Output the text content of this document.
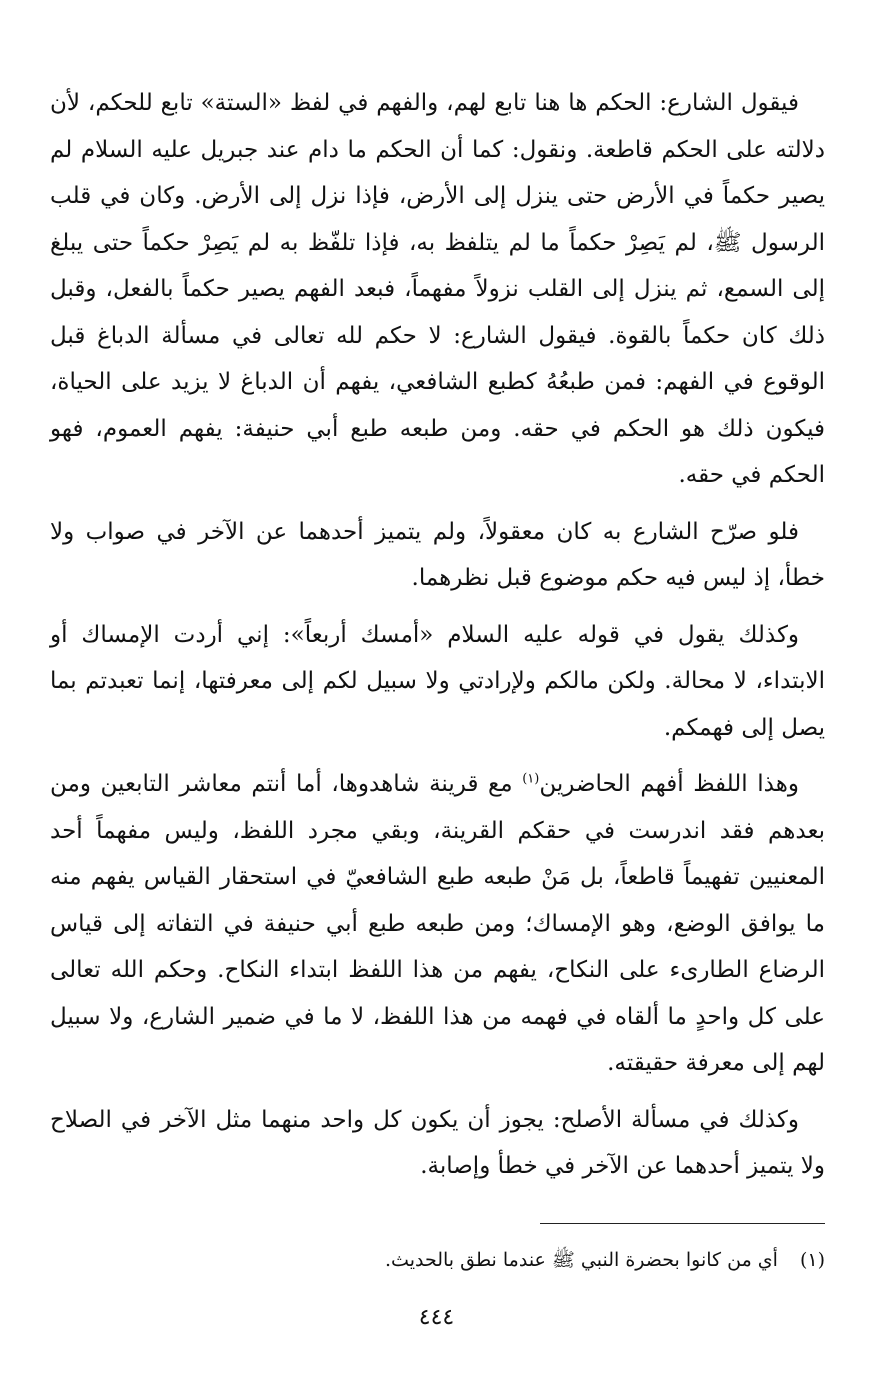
فيقول الشارع: الحكم ها هنا تابع لهم، والفهم في لفظ «الستة» تابع للحكم، لأن دلالته على الحكم قاطعة. ونقول: كما أن الحكم ما دام عند جبريل عليه السلام لم يصير حكماً في الأرض حتى ينزل إلى الأرض، فإذا نزل إلى الأرض. وكان في قلب الرسول ﷺ، لم يَصِرْ حكماً ما لم يتلفظ به، فإذا تلفّظ به لم يَصِرْ حكماً حتى يبلغ إلى السمع، ثم ينزل إلى القلب نزولاً مفهماً، فبعد الفهم يصير حكماً بالفعل، وقبل ذلك كان حكماً بالقوة. فيقول الشارع: لا حكم لله تعالى في مسألة الدباغ قبل الوقوع في الفهم: فمن طبعُهُ كطبع الشافعي، يفهم أن الدباغ لا يزيد على الحياة، فيكون ذلك هو الحكم في حقه. ومن طبعه طبع أبي حنيفة: يفهم العموم، فهو الحكم في حقه.

فلو صرّح الشارع به كان معقولاً، ولم يتميز أحدهما عن الآخر في صواب ولا خطأ، إذ ليس فيه حكم موضوع قبل نظرهما.

وكذلك يقول في قوله عليه السلام «أمسك أربعاً»: إني أردت الإمساك أو الابتداء، لا محالة. ولكن مالكم ولإرادتي ولا سبيل لكم إلى معرفتها، إنما تعبدتم بما يصل إلى فهمكم.

وهذا اللفظ أفهم الحاضرين$^{(١)}$ مع قرينة شاهدوها، أما أنتم معاشر التابعين ومن بعدهم فقد اندرست في حقكم القرينة، وبقي مجرد اللفظ، وليس مفهماً أحد المعنيين تفهيماً قاطعاً، بل مَنْ طبعه طبع الشافعيّ في استحقار القياس يفهم منه ما يوافق الوضع، وهو الإمساك؛ ومن طبعه طبع أبي حنيفة في التفاته إلى قياس الرضاع الطارىء على النكاح، يفهم من هذا اللفظ ابتداء النكاح. وحكم الله تعالى على كل واحدٍ ما ألقاه في فهمه من هذا اللفظ، لا ما في ضمير الشارع، ولا سبيل لهم إلى معرفة حقيقته.

وكذلك في مسألة الأصلح: يجوز أن يكون كل واحد منهما مثل الآخر في الصلاح ولا يتميز أحدهما عن الآخر في خطأ وإصابة.

(١)أي من كانوا بحضرة النبي ﷺ عندما نطق بالحديث.

٤٤٤
